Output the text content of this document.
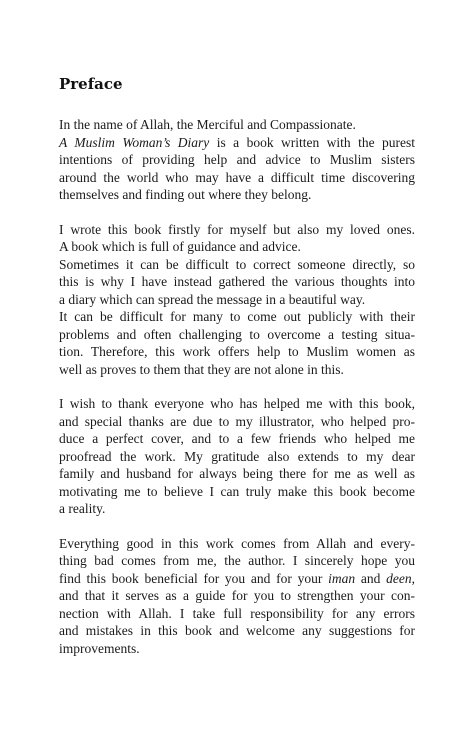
Preface
In the name of Allah, the Merciful and Compassionate.
A Muslim Woman’s Diary is a book written with the purest
intentions of providing help and advice to Muslim sisters
around the world who may have a difficult time discovering
themselves and finding out where they belong.
I wrote this book firstly for myself but also my loved ones.
A book which is full of guidance and advice.
Sometimes it can be difficult to correct someone directly, so
this is why I have instead gathered the various thoughts into
a diary which can spread the message in a beautiful way.
It can be difficult for many to come out publicly with their
problems and often challenging to overcome a testing situa-
tion. Therefore, this work offers help to Muslim women as
well as proves to them that they are not alone in this.
I wish to thank everyone who has helped me with this book,
and special thanks are due to my illustrator, who helped pro-
duce a perfect cover, and to a few friends who helped me
proofread the work. My gratitude also extends to my dear
family and husband for always being there for me as well as
motivating me to believe I can truly make this book become
a reality.
Everything good in this work comes from Allah and every-
thing bad comes from me, the author. I sincerely hope you
find this book beneficial for you and for your iman and deen,
and that it serves as a guide for you to strengthen your con-
nection with Allah. I take full responsibility for any errors
and mistakes in this book and welcome any suggestions for
improvements.
